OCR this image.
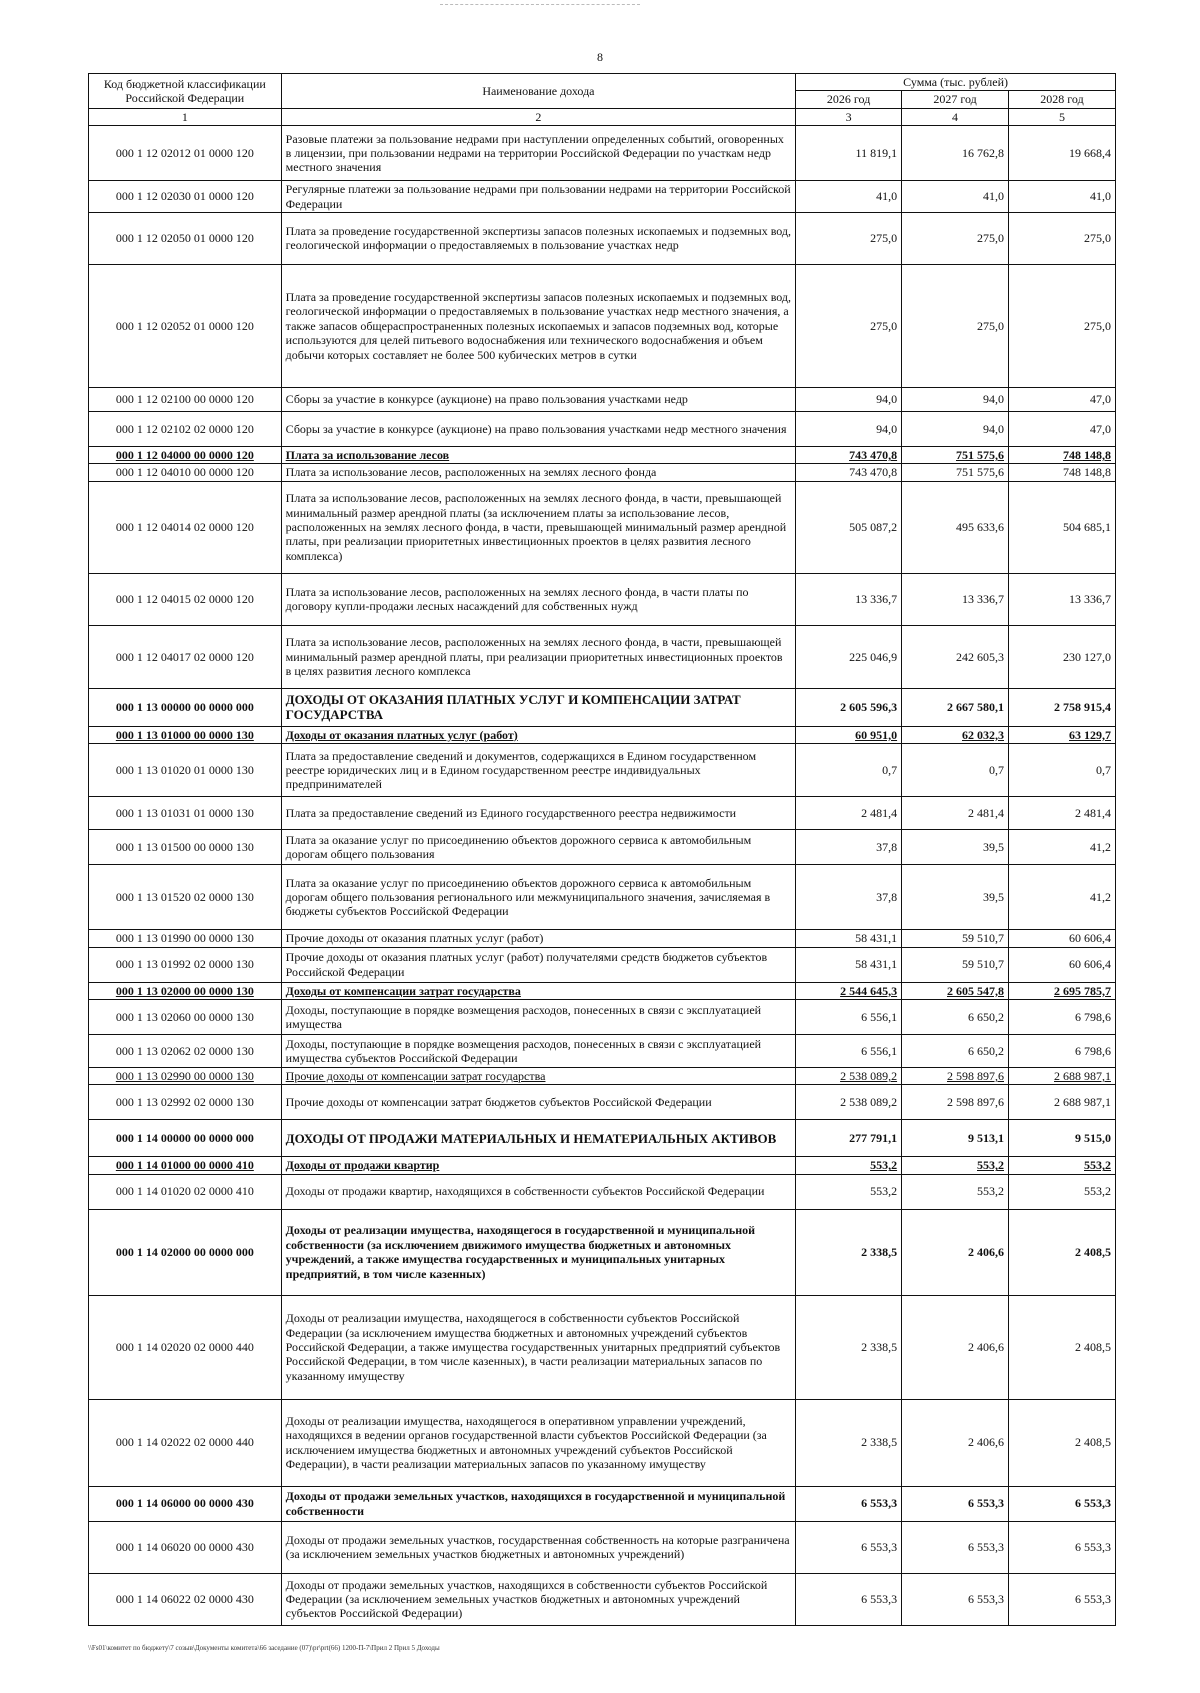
8
Код бюджетной классификации Российской Федерации	Наименование дохода	Сумма (тыс. рублей)		
		2026 год	2027 год	2028 год
1	2	3	4	5
000 1 12 02012 01 0000 120	Разовые платежи за пользование недрами при наступлении определенных событий, оговоренных в лицензии, при пользовании недрами на территории Российской Федерации по участкам недр местного значения	11 819,1	16 762,8	19 668,4
000 1 12 02030 01 0000 120	Регулярные платежи за пользование недрами при пользовании недрами на территории Российской Федерации	41,0	41,0	41,0
000 1 12 02050 01 0000 120	Плата за проведение государственной экспертизы запасов полезных ископаемых и подземных вод, геологической информации о предоставляемых в пользование участках недр	275,0	275,0	275,0
000 1 12 02052 01 0000 120	Плата за проведение государственной экспертизы запасов полезных ископаемых и подземных вод, геологической информации о предоставляемых в пользование участках недр местного значения, а также запасов общераспространенных полезных ископаемых и запасов подземных вод, которые используются для целей питьевого водоснабжения или технического водоснабжения и объем добычи которых составляет не более 500 кубических метров в сутки	275,0	275,0	275,0
000 1 12 02100 00 0000 120	Сборы за участие в конкурсе (аукционе) на право пользования участками недр	94,0	94,0	47,0
000 1 12 02102 02 0000 120	Сборы за участие в конкурсе (аукционе) на право пользования участками недр местного значения	94,0	94,0	47,0
000 1 12 04000 00 0000 120	Плата за использование лесов	743 470,8	751 575,6	748 148,8
000 1 12 04010 00 0000 120	Плата за использование лесов, расположенных на землях лесного фонда	743 470,8	751 575,6	748 148,8
000 1 12 04014 02 0000 120	Плата за использование лесов, расположенных на землях лесного фонда, в части, превышающей минимальный размер арендной платы (за исключением платы за использование лесов, расположенных на землях лесного фонда, в части, превышающей минимальный размер арендной платы, при реализации приоритетных инвестиционных проектов в целях развития лесного комплекса)	505 087,2	495 633,6	504 685,1
000 1 12 04015 02 0000 120	Плата за использование лесов, расположенных на землях лесного фонда, в части платы по договору купли-продажи лесных насаждений для собственных нужд	13 336,7	13 336,7	13 336,7
000 1 12 04017 02 0000 120	Плата за использование лесов, расположенных на землях лесного фонда, в части, превышающей минимальный размер арендной платы, при реализации приоритетных инвестиционных проектов в целях развития лесного комплекса	225 046,9	242 605,3	230 127,0
000 1 13 00000 00 0000 000	ДОХОДЫ ОТ ОКАЗАНИЯ ПЛАТНЫХ УСЛУГ И КОМПЕНСАЦИИ ЗАТРАТ ГОСУДАРСТВА	2 605 596,3	2 667 580,1	2 758 915,4
000 1 13 01000 00 0000 130	Доходы от оказания платных услуг (работ)	60 951,0	62 032,3	63 129,7
000 1 13 01020 01 0000 130	Плата за предоставление сведений и документов, содержащихся в Едином государственном реестре юридических лиц и в Едином государственном реестре индивидуальных предпринимателей	0,7	0,7	0,7
000 1 13 01031 01 0000 130	Плата за предоставление сведений из Единого государственного реестра недвижимости	2 481,4	2 481,4	2 481,4
000 1 13 01500 00 0000 130	Плата за оказание услуг по присоединению объектов дорожного сервиса к автомобильным дорогам общего пользования	37,8	39,5	41,2
000 1 13 01520 02 0000 130	Плата за оказание услуг по присоединению объектов дорожного сервиса к автомобильным дорогам общего пользования регионального или межмуниципального значения, зачисляемая в бюджеты субъектов Российской Федерации	37,8	39,5	41,2
000 1 13 01990 00 0000 130	Прочие доходы от оказания платных услуг (работ)	58 431,1	59 510,7	60 606,4
000 1 13 01992 02 0000 130	Прочие доходы от оказания платных услуг (работ) получателями средств бюджетов субъектов Российской Федерации	58 431,1	59 510,7	60 606,4
000 1 13 02000 00 0000 130	Доходы от компенсации затрат государства	2 544 645,3	2 605 547,8	2 695 785,7
000 1 13 02060 00 0000 130	Доходы, поступающие в порядке возмещения расходов, понесенных в связи с эксплуатацией имущества	6 556,1	6 650,2	6 798,6
000 1 13 02062 02 0000 130	Доходы, поступающие в порядке возмещения расходов, понесенных в связи с эксплуатацией имущества субъектов Российской Федерации	6 556,1	6 650,2	6 798,6
000 1 13 02990 00 0000 130	Прочие доходы от компенсации затрат государства	2 538 089,2	2 598 897,6	2 688 987,1
000 1 13 02992 02 0000 130	Прочие доходы от компенсации затрат бюджетов субъектов Российской Федерации	2 538 089,2	2 598 897,6	2 688 987,1
000 1 14 00000 00 0000 000	ДОХОДЫ ОТ ПРОДАЖИ МАТЕРИАЛЬНЫХ И НЕМАТЕРИАЛЬНЫХ АКТИВОВ	277 791,1	9 513,1	9 515,0
000 1 14 01000 00 0000 410	Доходы от продажи квартир	553,2	553,2	553,2
000 1 14 01020 02 0000 410	Доходы от продажи квартир, находящихся в собственности субъектов Российской Федерации	553,2	553,2	553,2
000 1 14 02000 00 0000 000	Доходы от реализации имущества, находящегося в государственной и муниципальной собственности (за исключением движимого имущества бюджетных и автономных учреждений, а также имущества государственных и муниципальных унитарных предприятий, в том числе казенных)	2 338,5	2 406,6	2 408,5
000 1 14 02020 02 0000 440	Доходы от реализации имущества, находящегося в собственности субъектов Российской Федерации (за исключением имущества бюджетных и автономных учреждений субъектов Российской Федерации, а также имущества государственных унитарных предприятий субъектов Российской Федерации, в том числе казенных), в части реализации материальных запасов по указанному имуществу	2 338,5	2 406,6	2 408,5
000 1 14 02022 02 0000 440	Доходы от реализации имущества, находящегося в оперативном управлении учреждений, находящихся в ведении органов государственной власти субъектов Российской Федерации (за исключением имущества бюджетных и автономных учреждений субъектов Российской Федерации), в части реализации материальных запасов по указанному имуществу	2 338,5	2 406,6	2 408,5
000 1 14 06000 00 0000 430	Доходы от продажи земельных участков, находящихся в государственной и муниципальной собственности	6 553,3	6 553,3	6 553,3
000 1 14 06020 00 0000 430	Доходы от продажи земельных участков, государственная собственность на которые разграничена (за исключением земельных участков бюджетных и автономных учреждений)	6 553,3	6 553,3	6 553,3
000 1 14 06022 02 0000 430	Доходы от продажи земельных участков, находящихся в собственности субъектов Российской Федерации (за исключением земельных участков бюджетных и автономных учреждений субъектов Российской Федерации)	6 553,3	6 553,3	6 553,3
\\Fs01\комитет по бюджету\7 созыв\Документы комитета\66 заседание (07)\pr\prt(66) 1200-П-7\Прил 2 Прил 5 Доходы
